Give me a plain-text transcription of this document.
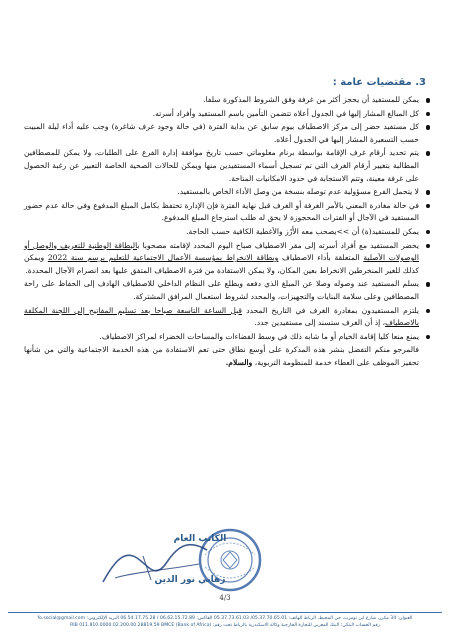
3. مقتضيات عامة :
يمكن للمستفيد أن يحجز أكثر من غرفة وفق الشروط المذكورة سلفا.
كل المبالغ المشار إليها في الجدول أعلاه تتضمن التأمين باسم المستفيد وأفراد أسرته.
كل مستفيد حضر إلى مركز الاصطياف بيوم سابق عن بداية الفترة (في حالة وجود غرف شاغرة) وجب عليه أداء ليلة المبيت حسب التسعيرة المشار إليها في الجدول أعلاه.
يتم تحديد أرقام غرف الإقامة بواسطة برنام معلوماتي حسب تاريخ موافقة إدارة الفرع على الطلبات، ولا يمكن للمصطافين المطالبة بتغيير أرقام الغرف التي تم تسجيل أسماء المستفيدين منها ويمكن للحالات الصحية الخاصة التعبير عن رغبة الحصول على غرفة معينة، وتتم الاستجابة في حدود الامكانيات المتاحة.
لا يتحمل الفرع مسؤولية عدم توصله بنسخة من وصل الأداء الخاص بالمستفيد.
في حالة مغادرة المعني بالأمر الغرفة أو الغرف قبل نهاية الفترة فإن الإدارة تحتفظ بكامل المبلغ المدفوع وفي حالة عدم حضور المستفيد في الآجال أو الفترات المحجوزة لا يحق له طلب استرجاع المبلغ المدفوع.
يمكن للمستفيد(ة) أن >>يصحب معه الأَرْز والأغطية الكافية حسب الحاجة.
يحضر المستفيد مع أفراد أسرته إلى مقر الاصطياف صباح اليوم المحدد لإقامته مصحوبا بالبطاقة الوطنية للتعريف والوصل أو الوصولات الأصلية المتعلقة بأداء الاصطياف وبطاقة الانخراط بمؤسسة الأعمال الاجتماعية للتعليم برسم سنة 2022 ويمكن كذلك للغير المنخرطين الانخراط بعين المكان، ولا يمكن الاستفادة من فترة الاصطياف المتفق عليها بعد انصرام الآجال المحددة.
يسلم المستفيد عند وصوله وصلا عن المبلغ الذي دفعه ويطلع على النظام الداخلي للاصطياف الهادف إلى الحفاظ على راحة المصطافين وعلى سلامة البنايات والتجهيزات، والمحدد لشروط استعمال المرافق المشتركة.
يلتزم المستفيدون بمغادرة الغرف في التاريخ المحدد قبل الساعة التاسعة صباحا بعد تسليم المفاتيح إلى اللجنة المكلفة بالاصطياف، إذ أن الغرف ستسند إلى مستفيدين جدد.
يمنع منعا كليا إقامة الخيام أو ما شابه ذلك في وسط الفضاءات والمساحات الخضراء لمراكز الاصطياف.
فالمرجو منكم التفضل بنشر هذه المذكرة على أوسع نطاق حتى تعم الاستفادة من هذه الخدمة الاجتماعية والتي من شأنها تحفيز الموظف على العطاء خدمة للمنظومة التربوية، والسلام.
الكاتب العام
زهاني نور الدين
4/3
العنوان: 34 مكرر، شارع ابن تومرت، حي المحيط، الرباط الهاتف: 05.37.70.65.01/ 05.37.73.61.03 الفاكس: 06.62.15.72.89 / 06.54.17.75.28 البريد الإلكتروني: fo.social@gmail.com
رقم الحساب البنكي: البنك المغربي للتجارة الخارجية وكالة الاسكندرية بالرباط تحت رقم: RIB 011.810.0000.02.200.00.28819.59 BMCE (Bank of Africa)
